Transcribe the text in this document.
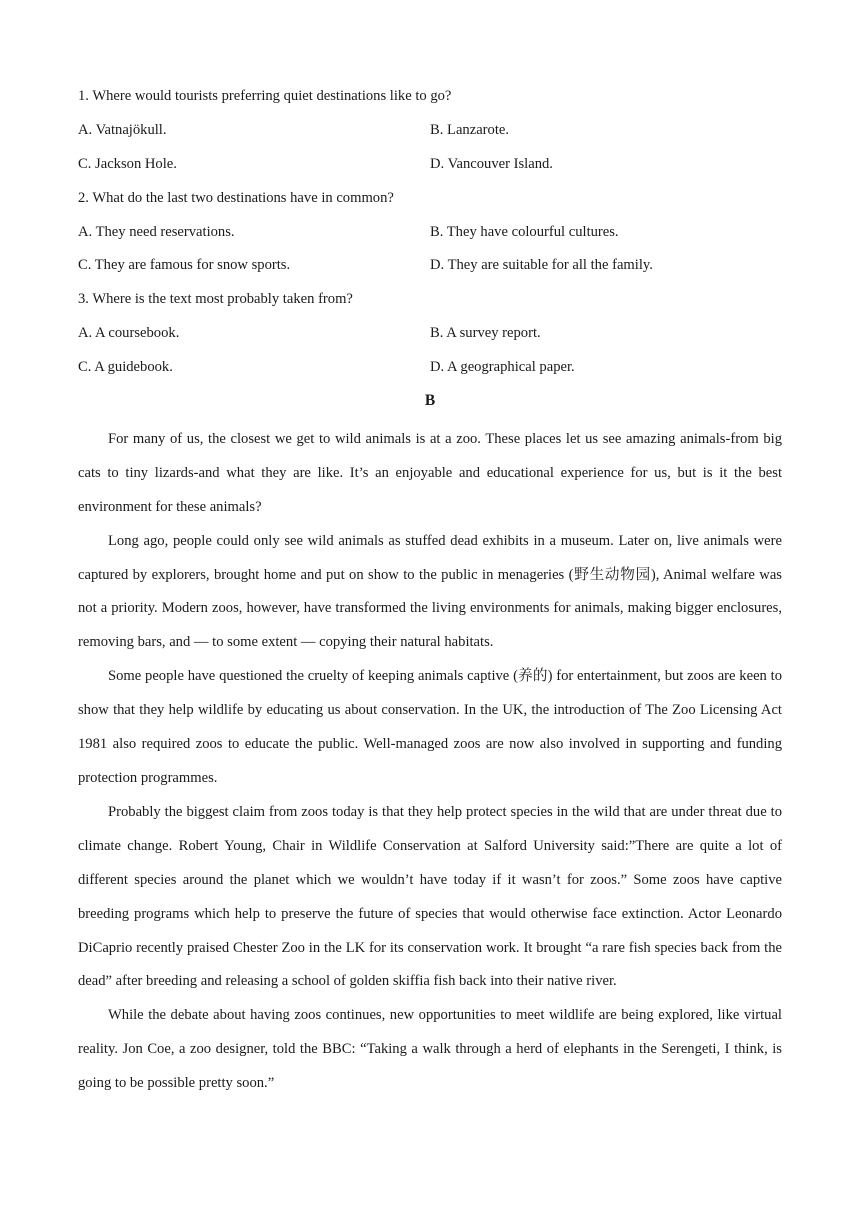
1. Where would tourists preferring quiet destinations like to go?
A. Vatnajökull.	B. Lanzarote.
C. Jackson Hole.	D. Vancouver Island.
2. What do the last two destinations have in common?
A. They need reservations.	B. They have colourful cultures.
C. They are famous for snow sports.	D. They are suitable for all the family.
3. Where is the text most probably taken from?
A. A coursebook.	B. A survey report.
C. A guidebook.	D. A geographical paper.
B

For many of us, the closest we get to wild animals is at a zoo. These places let us see amazing animals-from big cats to tiny lizards-and what they are like. It’s an enjoyable and educational experience for us, but is it the best environment for these animals?

Long ago, people could only see wild animals as stuffed dead exhibits in a museum. Later on, live animals were captured by explorers, brought home and put on show to the public in menageries (野生动物园), Animal welfare was not a priority. Modern zoos, however, have transformed the living environments for animals, making bigger enclosures, removing bars, and — to some extent — copying their natural habitats.

Some people have questioned the cruelty of keeping animals captive (养的) for entertainment, but zoos are keen to show that they help wildlife by educating us about conservation. In the UK, the introduction of The Zoo Licensing Act 1981 also required zoos to educate the public. Well-managed zoos are now also involved in supporting and funding protection programmes.

Probably the biggest claim from zoos today is that they help protect species in the wild that are under threat due to climate change. Robert Young, Chair in Wildlife Conservation at Salford University said:”There are quite a lot of different species around the planet which we wouldn’t have today if it wasn’t for zoos.” Some zoos have captive breeding programs which help to preserve the future of species that would otherwise face extinction. Actor Leonardo DiCaprio recently praised Chester Zoo in the LK for its conservation work. It brought “a rare fish species back from the dead” after breeding and releasing a school of golden skiffia fish back into their native river.

While the debate about having zoos continues, new opportunities to meet wildlife are being explored, like virtual reality. Jon Coe, a zoo designer, told the BBC: “Taking a walk through a herd of elephants in the Serengeti, I think, is going to be possible pretty soon.”
